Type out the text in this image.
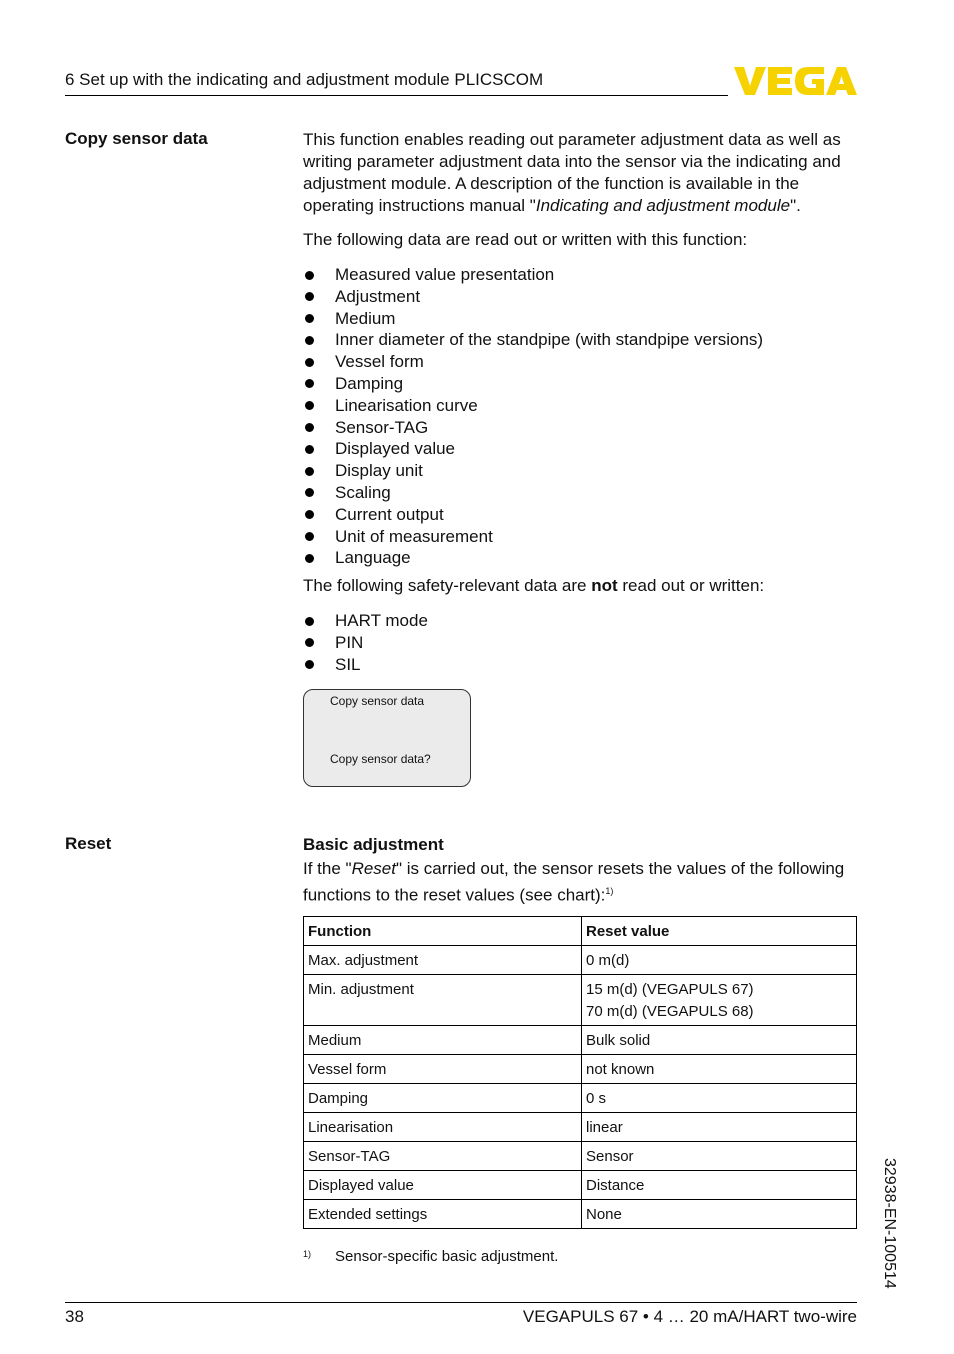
6 Set up with the indicating and adjustment module PLICSCOM
Copy sensor data	This function enables reading out parameter adjustment data as well as writing parameter adjustment data into the sensor via the indicating and adjustment module. A description of the function is available in the operating instructions manual "Indicating and adjustment module".
The following data are read out or written with this function:
Measured value presentation
Adjustment
Medium
Inner diameter of the standpipe (with standpipe versions)
Vessel form
Damping
Linearisation curve
Sensor-TAG
Displayed value
Display unit
Scaling
Current output
Unit of measurement
Language
The following safety-relevant data are not read out or written:
HART mode
PIN
SIL
Copy sensor data
Copy sensor data?
Reset	Basic adjustment
If the "Reset" is carried out, the sensor resets the values of the following functions to the reset values (see chart):$^{1)}$
Function	Reset value
Max. adjustment	0 m(d)
Min. adjustment	15 m(d) (VEGAPULS 67)
70 m(d) (VEGAPULS 68)

Medium	Bulk solid
Vessel form	not known
Damping	0 s
Linearisation	linear
Sensor-TAG	Sensor
Displayed value	Distance
Extended settings	None
1) Sensor-specific basic adjustment.	32938-EN-100514
38	VEGAPULS 67 • 4 … 20 mA/HART two-wire
